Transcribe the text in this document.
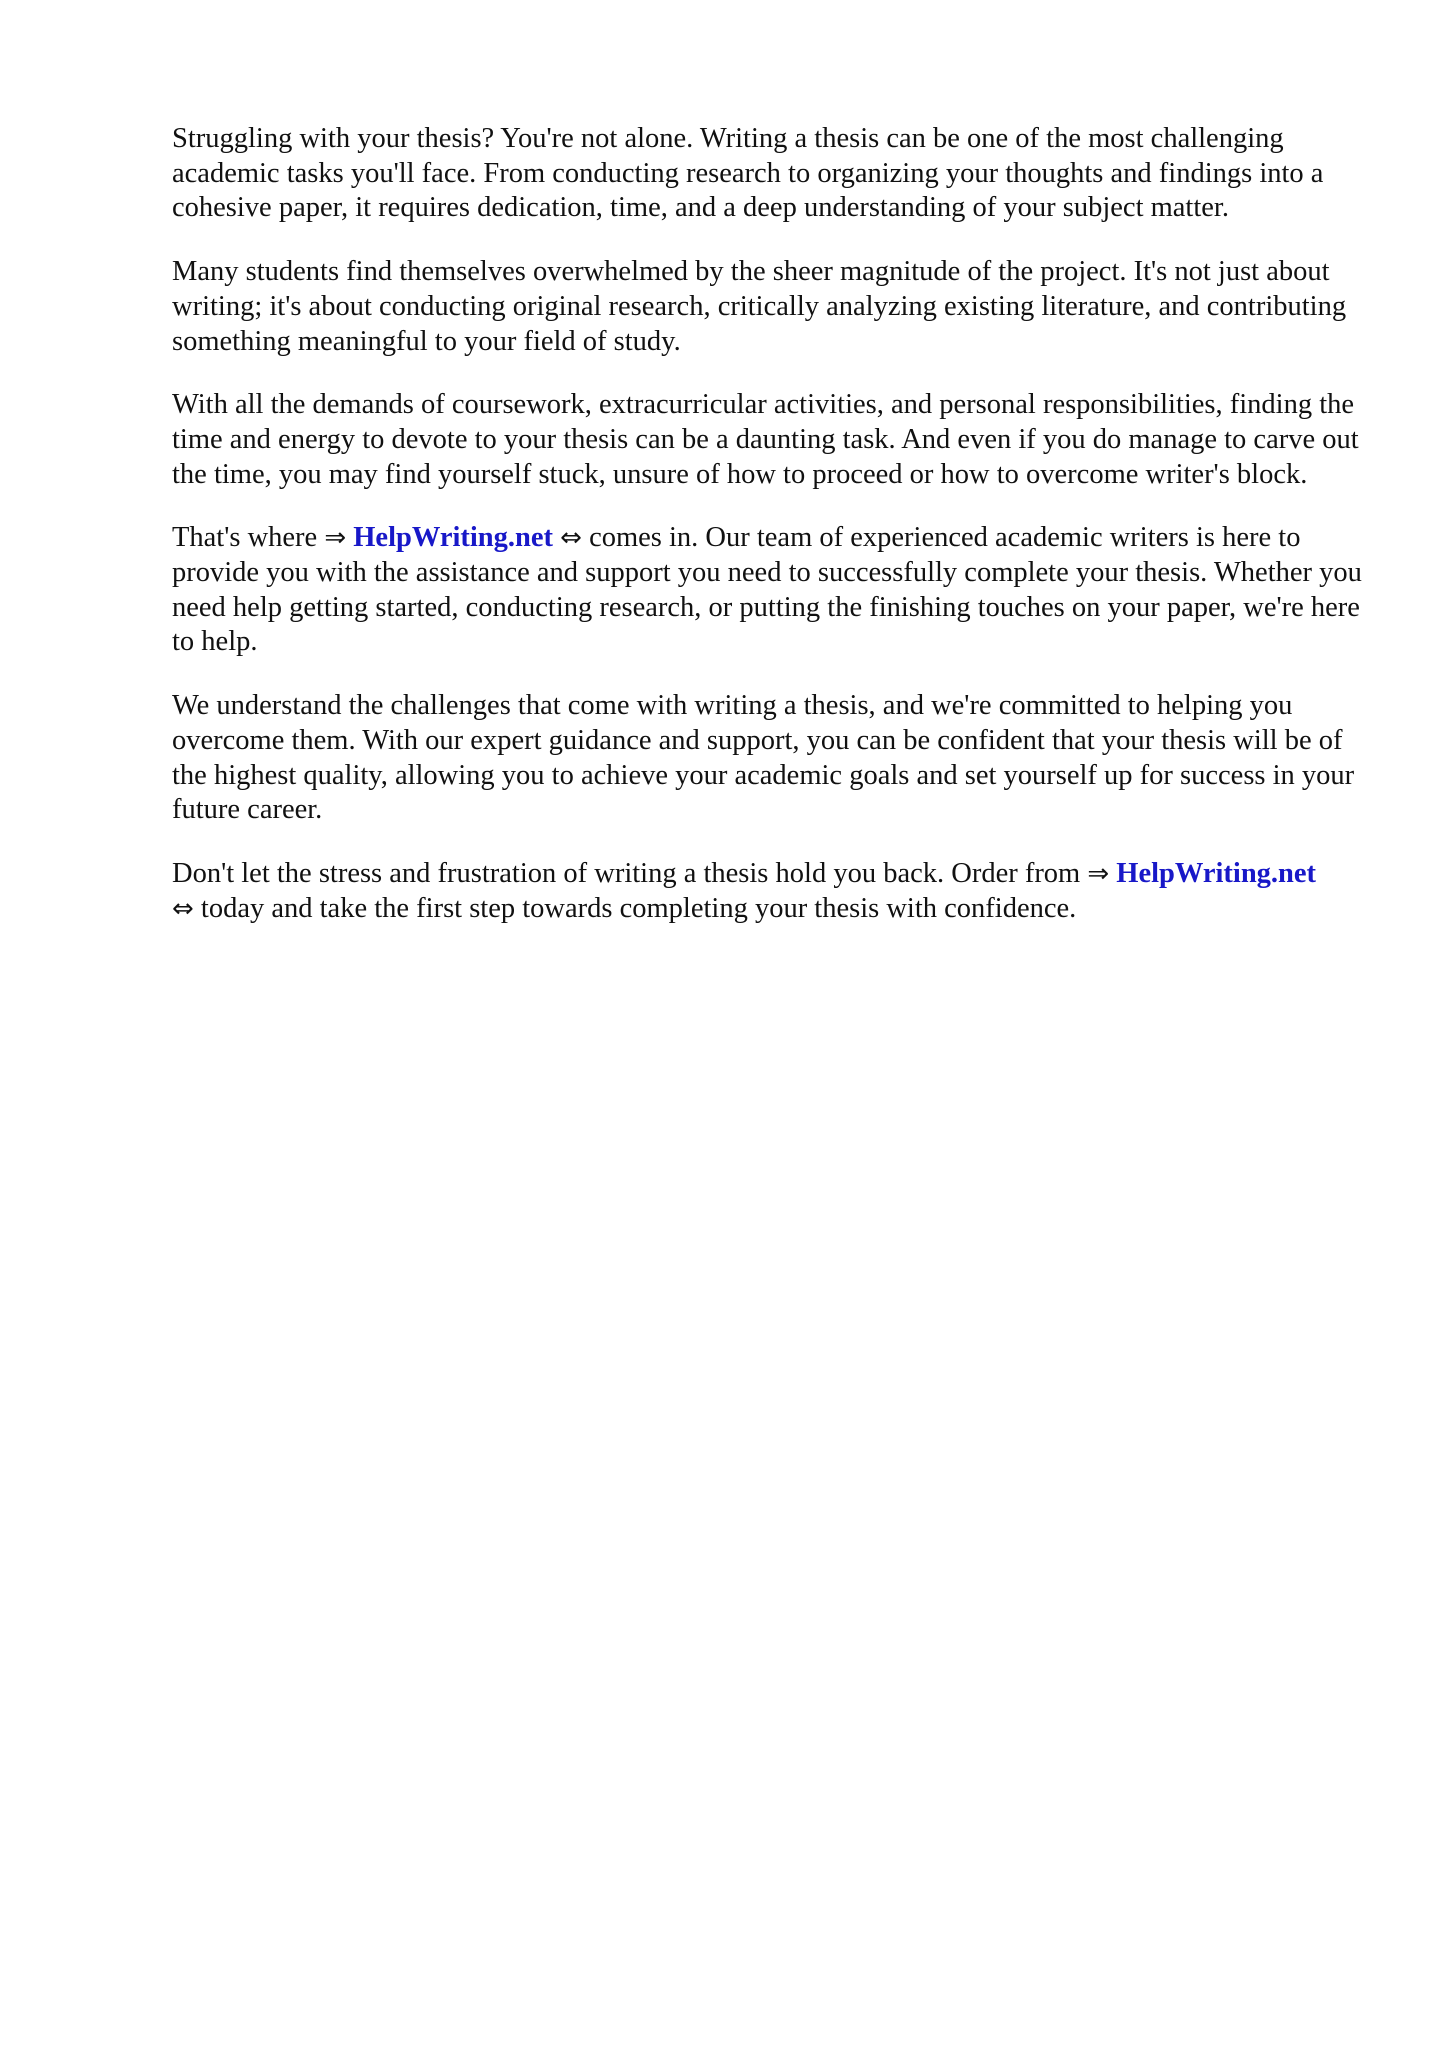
Struggling with your thesis? You're not alone. Writing a thesis can be one of the most challenging academic tasks you'll face. From conducting research to organizing your thoughts and findings into a cohesive paper, it requires dedication, time, and a deep understanding of your subject matter.

Many students find themselves overwhelmed by the sheer magnitude of the project. It's not just about writing; it's about conducting original research, critically analyzing existing literature, and contributing something meaningful to your field of study.

With all the demands of coursework, extracurricular activities, and personal responsibilities, finding the time and energy to devote to your thesis can be a daunting task. And even if you do manage to carve out the time, you may find yourself stuck, unsure of how to proceed or how to overcome writer's block.

That's where ⇒ HelpWriting.net ⇔ comes in. Our team of experienced academic writers is here to provide you with the assistance and support you need to successfully complete your thesis. Whether you need help getting started, conducting research, or putting the finishing touches on your paper, we're here to help.

We understand the challenges that come with writing a thesis, and we're committed to helping you overcome them. With our expert guidance and support, you can be confident that your thesis will be of the highest quality, allowing you to achieve your academic goals and set yourself up for success in your future career.

Don't let the stress and frustration of writing a thesis hold you back. Order from ⇒ HelpWriting.net
⇔ today and take the first step towards completing your thesis with confidence.
